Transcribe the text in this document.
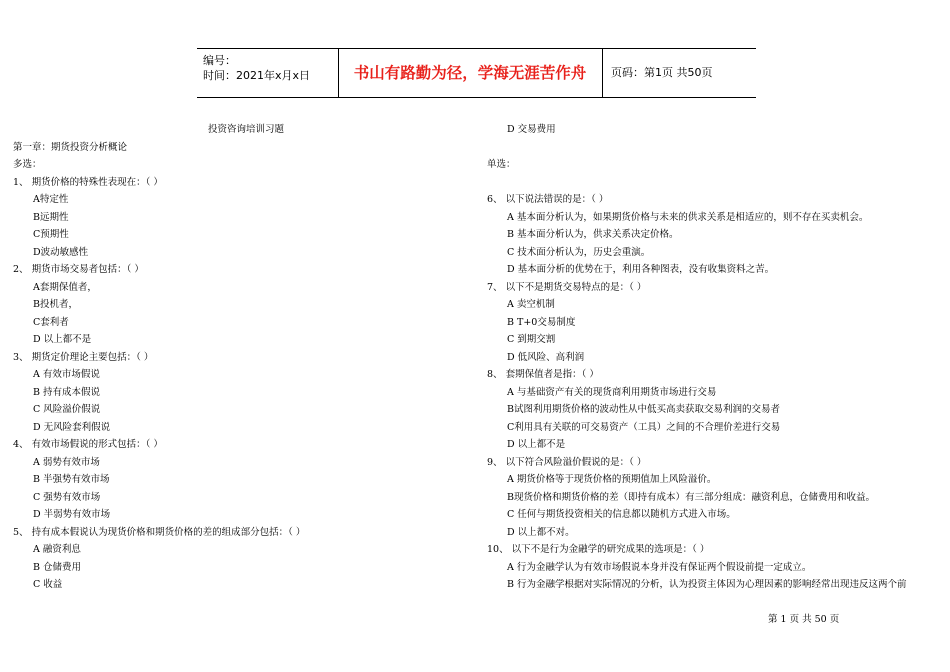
编号：
时间：2021年x月x日	书山有路勤为径，学海无涯苦作舟	页码：第1页 共50页
投资咨询培训习题
第一章：期货投资分析概论
多选：
1、 期货价格的特殊性表现在：（ ）
A特定性
B远期性
C预期性
D波动敏感性
2、 期货市场交易者包括：（ ）
A套期保值者，
B投机者，
C套利者
D 以上都不是
3、 期货定价理论主要包括：（ ）
A 有效市场假说
B 持有成本假说
C 风险溢价假说
D 无风险套利假说
4、 有效市场假说的形式包括：（ ）
A 弱势有效市场
B 半强势有效市场
C 强势有效市场
D 半弱势有效市场
5、 持有成本假说认为现货价格和期货价格的差的组成部分包括：（ ）
A 融资利息
B 仓储费用
C 收益
D 交易费用
单选：
6、 以下说法错误的是：（ ）
A 基本面分析认为，如果期货价格与未来的供求关系是相适应的，则不存在买卖机会。
B 基本面分析认为，供求关系决定价格。
C 技术面分析认为，历史会重演。
D 基本面分析的优势在于，利用各种图表，没有收集资料之苦。
7、 以下不是期货交易特点的是：（ ）
A 卖空机制
B T+0交易制度
C 到期交割
D 低风险、高利润
8、 套期保值者是指：（ ）
A 与基础资产有关的现货商利用期货市场进行交易
B试图利用期货价格的波动性从中低买高卖获取交易利润的交易者
C利用具有关联的可交易资产（工具）之间的不合理价差进行交易
D 以上都不是
9、 以下符合风险溢价假说的是：（ ）
A 期货价格等于现货价格的预期值加上风险溢价。
B现货价格和期货价格的差（即持有成本）有三部分组成：融资利息，仓储费用和收益。
C 任何与期货投资相关的信息都以随机方式进入市场。
D 以上都不对。
10、 以下不是行为金融学的研究成果的选项是：（ ）
A 行为金融学认为有效市场假说本身并没有保证两个假设前提一定成立。
B 行为金融学根据对实际情况的分析，认为投资主体因为心理因素的影响经常出现违反这两个前
第 1 页 共 50 页
